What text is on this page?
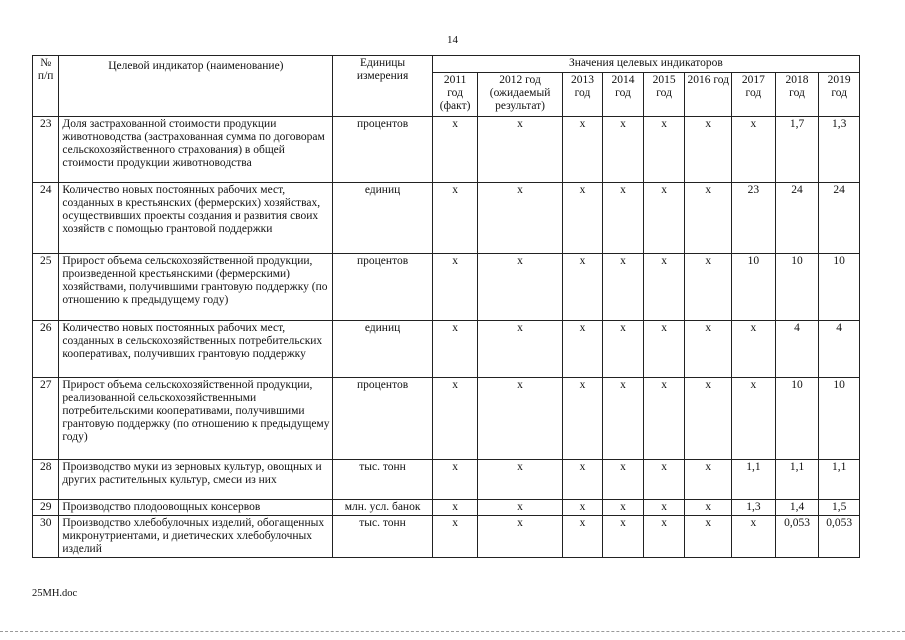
14
№ п/п	Целевой индикатор (наименование)	Единицы измерения	Значения целевых индикаторов								
			2011 год (факт)	2012 год (ожидаемый результат)	2013 год	2014 год	2015 год	2016 год	2017 год	2018 год	2019 год
23	Доля застрахованной стоимости продукции животноводства (застрахованная сумма по договорам сельскохозяйственного страхования) в общей стоимости продукции животноводства	процентов	x	x	x	x	x	x	x	1,7	1,3
24	Количество новых постоянных рабочих мест, созданных в крестьянских (фермерских) хозяйствах, осуществивших проекты создания и развития своих хозяйств с помощью грантовой поддержки	единиц	x	x	x	x	x	x	23	24	24
25	Прирост объема сельскохозяйственной продукции, произведенной крестьянскими (фермерскими) хозяйствами, получившими грантовую поддержку (по отношению к предыдущему году)	процентов	x	x	x	x	x	x	10	10	10
26	Количество новых постоянных рабочих мест, созданных в сельскохозяйственных потребительских кооперативах, получивших грантовую поддержку	единиц	x	x	x	x	x	x	x	4	4
27	Прирост объема сельскохозяйственной продукции, реализованной сельскохозяйственными потребительскими кооперативами, получившими грантовую поддержку (по отношению к предыдущему году)	процентов	x	x	x	x	x	x	x	10	10
28	Производство муки из зерновых культур, овощных и других растительных культур, смеси из них	тыс. тонн	x	x	x	x	x	x	1,1	1,1	1,1
29	Производство плодоовощных консервов	млн. усл. банок	x	x	x	x	x	x	1,3	1,4	1,5
30	Производство хлебобулочных изделий, обогащенных микронутриентами, и диетических хлебобулочных изделий	тыс. тонн	x	x	x	x	x	x	x	0,053	0,053
25МН.doc
